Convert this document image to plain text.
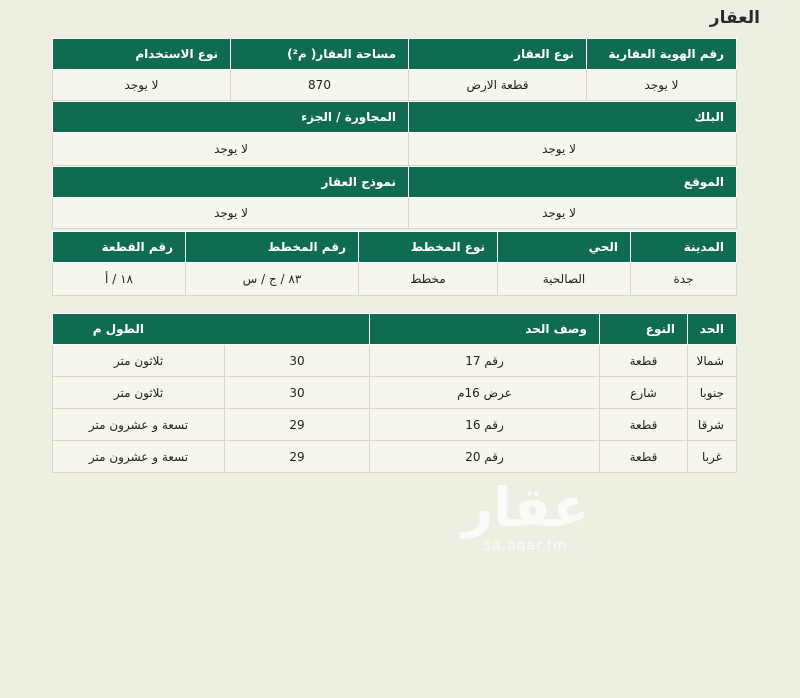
العقار
رقم الهوية العقارية	نوع العقار	مساحة العقار( م²)	نوع الاستخدام
لا يوجد	قطعة الارض	870	لا يوجد
البلك	المجاورة / الجزء
لا يوجد	لا يوجد
الموقع	نموذج العقار
لا يوجد	لا يوجد
المدينة	الحي	نوع المخطط	رقم المخطط	رقم القطعة
جدة	الصالحية	مخطط	٨٣ / ج / س	١٨ / أ
الحد	النوع	وصف الحد	الطول م	
شمالا	قطعة	رقم 17	30	ثلاثون متر
جنوبا	شارع	عرض 16م	30	ثلاثون متر
شرقا	قطعة	رقم 16	29	تسعة و عشرون متر
غربا	قطعة	رقم 20	29	تسعة و عشرون متر
عقار
sa.aqar.fm
